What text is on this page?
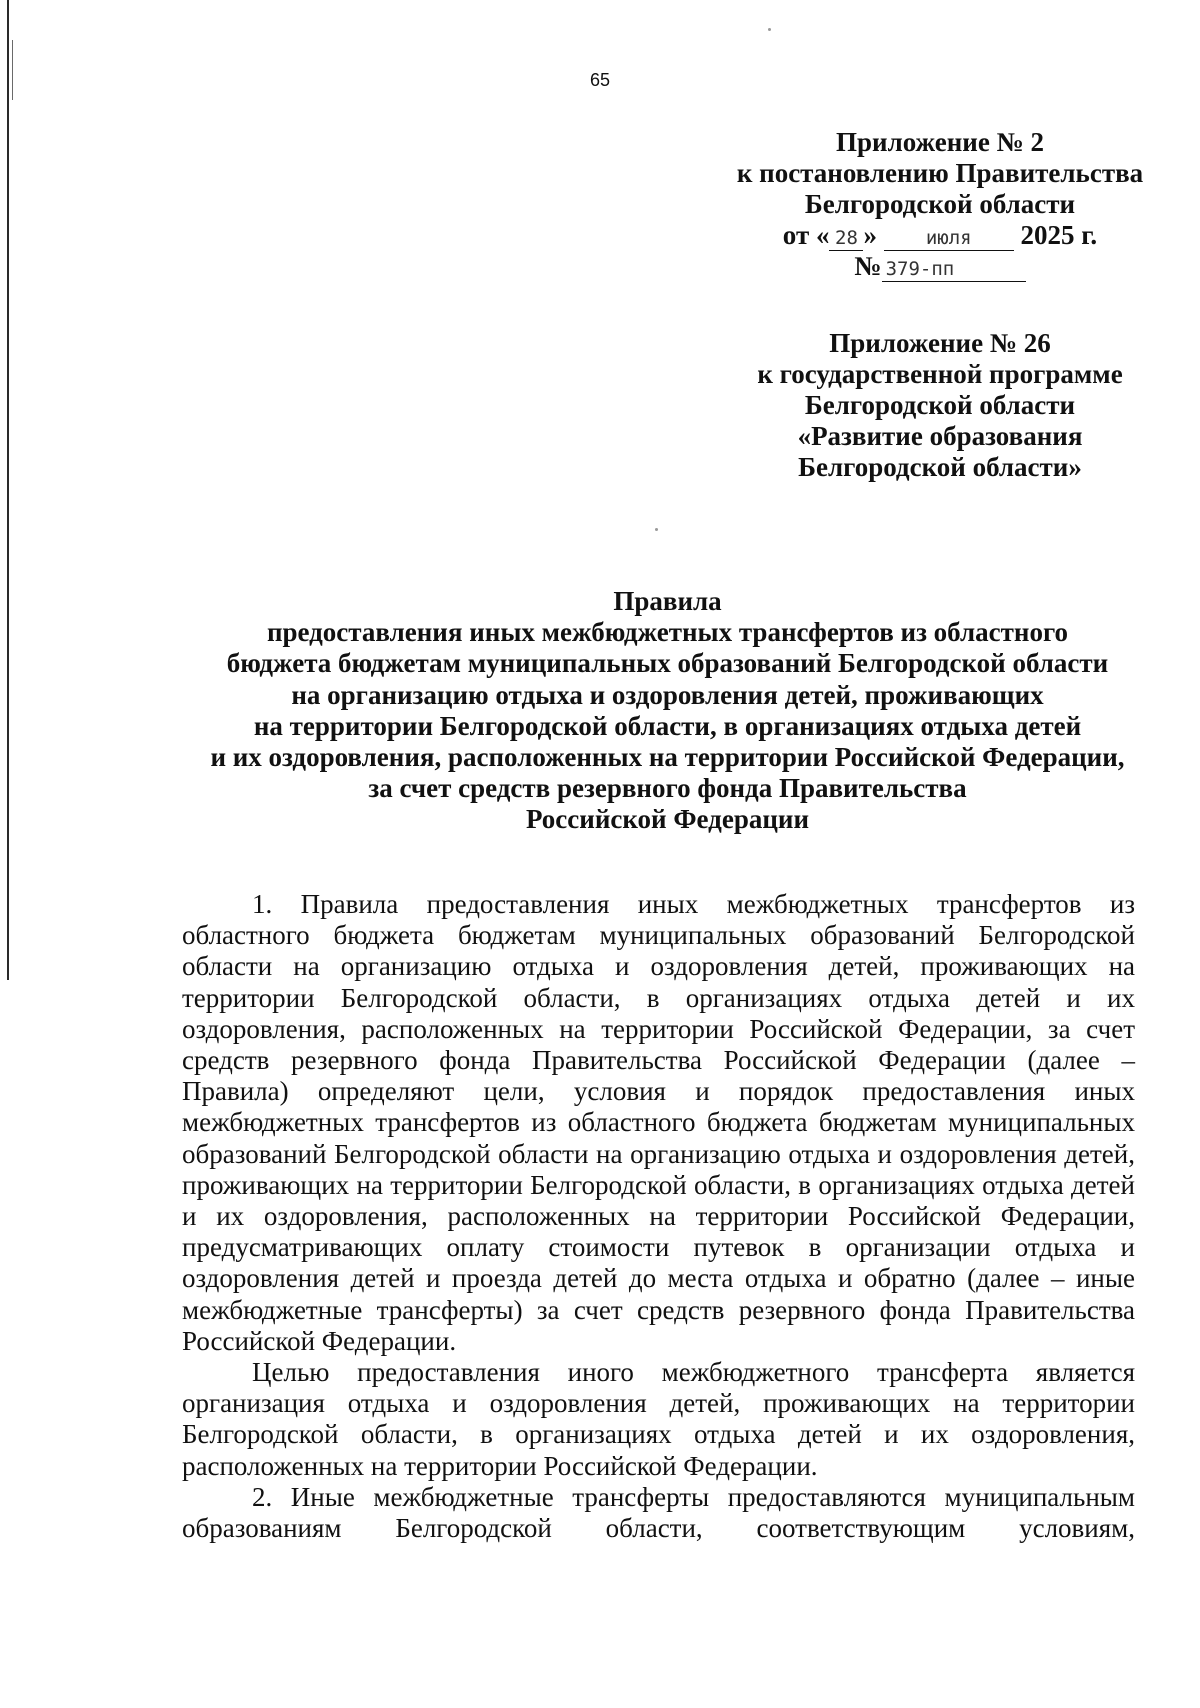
65
Приложение № 2
к постановлению Правительства
Белгородской области
от « 28 »	июля 2025 г.
№ 379-пп
Приложение № 26
к государственной программе
Белгородской области
«Развитие образования
Белгородской области»
Правила
предоставления иных межбюджетных трансфертов из областного
бюджета бюджетам муниципальных образований Белгородской области
на организацию отдыха и оздоровления детей, проживающих
на территории Белгородской области, в организациях отдыха детей
и их оздоровления, расположенных на территории Российской Федерации,
за счет средств резервного фонда Правительства
Российской Федерации

1. Правила предоставления иных межбюджетных трансфертов из областного бюджета бюджетам муниципальных образований Белгородской области на организацию отдыха и оздоровления детей, проживающих на территории Белгородской области, в организациях отдыха детей и их оздоровления, расположенных на территории Российской Федерации, за счет средств резервного фонда Правительства Российской Федерации (далее – Правила) определяют цели, условия и порядок предоставления иных межбюджетных трансфертов из областного бюджета бюджетам муниципальных образований Белгородской области на организацию отдыха и оздоровления детей, проживающих на территории Белгородской области, в организациях отдыха детей и их оздоровления, расположенных на территории Российской Федерации, предусматривающих оплату стоимости путевок в организации отдыха и оздоровления детей и проезда детей до места отдыха и обратно (далее – иные межбюджетные трансферты) за счет средств резервного фонда Правительства Российской Федерации.

Целью предоставления иного межбюджетного трансферта является организация отдыха и оздоровления детей, проживающих на территории Белгородской области, в организациях отдыха детей и их оздоровления, расположенных на территории Российской Федерации.

2. Иные межбюджетные трансферты предоставляются муниципальным образованиям Белгородской области, соответствующим условиям,
